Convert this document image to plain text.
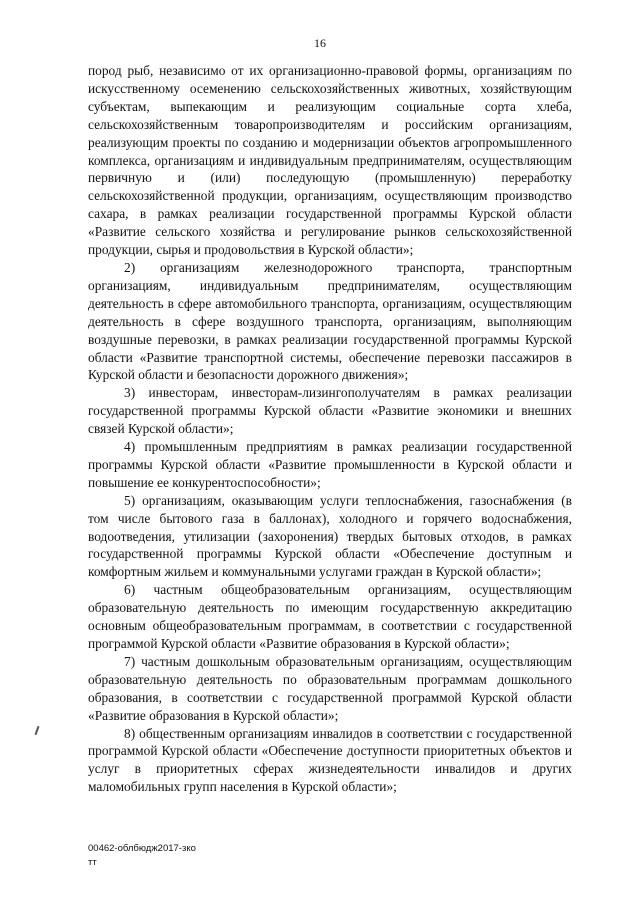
16

пород рыб, независимо от их организационно-правовой формы, организациям по искусственному осеменению сельскохозяйственных животных, хозяйствующим субъектам, выпекающим и реализующим социальные сорта хлеба, сельскохозяйственным товаропроизводителям и российским организациям, реализующим проекты по созданию и модернизации объектов агропромышленного комплекса, организациям и индивидуальным предпринимателям, осуществляющим первичную и (или) последующую (промышленную) переработку сельскохозяйственной продукции, организациям, осуществляющим производство сахара, в рамках реализации государственной программы Курской области «Развитие сельского хозяйства и регулирование рынков сельскохозяйственной продукции, сырья и продовольствия в Курской области»;

2) организациям железнодорожного транспорта, транспортным организациям, индивидуальным предпринимателям, осуществляющим деятельность в сфере автомобильного транспорта, организациям, осуществляющим деятельность в сфере воздушного транспорта, организациям, выполняющим воздушные перевозки, в рамках реализации государственной программы Курской области «Развитие транспортной системы, обеспечение перевозки пассажиров в Курской области и безопасности дорожного движения»;

3) инвесторам, инвесторам-лизингополучателям в рамках реализации государственной программы Курской области «Развитие экономики и внешних связей Курской области»;

4) промышленным предприятиям в рамках реализации государственной программы Курской области «Развитие промышленности в Курской области и повышение ее конкурентоспособности»;

5) организациям, оказывающим услуги теплоснабжения, газоснабжения (в том числе бытового газа в баллонах), холодного и горячего водоснабжения, водоотведения, утилизации (захоронения) твердых бытовых отходов, в рамках государственной программы Курской области «Обеспечение доступным и комфортным жильем и коммунальными услугами граждан в Курской области»;

6) частным общеобразовательным организациям, осуществляющим образовательную деятельность по имеющим государственную аккредитацию основным общеобразовательным программам, в соответствии с государственной программой Курской области «Развитие образования в Курской области»;

7) частным дошкольным образовательным организациям, осуществляющим образовательную деятельность по образовательным программам дошкольного образования, в соответствии с государственной программой Курской области «Развитие образования в Курской области»;

8) общественным организациям инвалидов в соответствии с государственной программой Курской области «Обеспечение доступности приоритетных объектов и услуг в приоритетных сферах жизнедеятельности инвалидов и других маломобильных групп населения в Курской области»;

00462-облбюдж2017-зко
тт
